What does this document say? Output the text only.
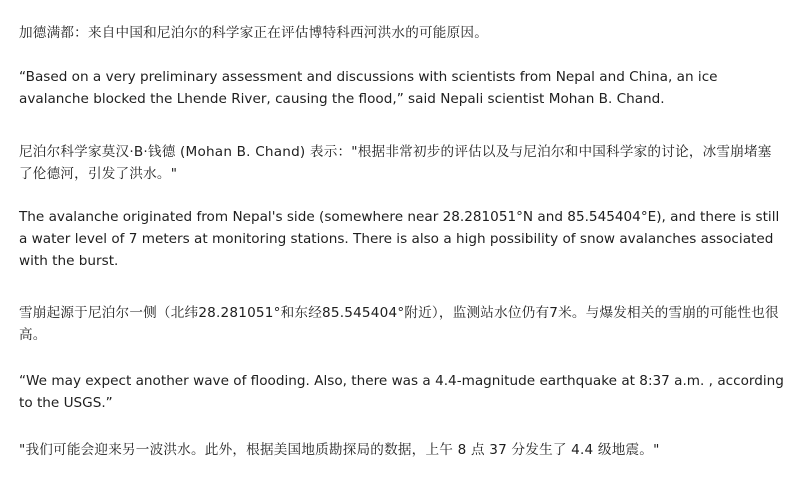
加德满都：来自中国和尼泊尔的科学家正在评估博特科西河洪水的可能原因。

“Based on a very preliminary assessment and discussions with scientists from Nepal and China, an ice avalanche blocked the Lhende River, causing the flood,” said Nepali scientist Mohan B. Chand.

尼泊尔科学家莫汉·B·钱德 (Mohan B. Chand) 表示："根据非常初步的评估以及与尼泊尔和中国科学家的讨论，冰雪崩堵塞了伦德河，引发了洪水。"

The avalanche originated from Nepal's side (somewhere near 28.281051°N and 85.545404°E), and there is still a water level of 7 meters at monitoring stations. There is also a high possibility of snow avalanches associated with the burst.

雪崩起源于尼泊尔一侧（北纬28.281051°和东经85.545404°附近），监测站水位仍有7米。与爆发相关的雪崩的可能性也很高。

“We may expect another wave of flooding. Also, there was a 4.4-magnitude earthquake at 8:37 a.m. , according to the USGS.”

"我们可能会迎来另一波洪水。此外，根据美国地质勘探局的数据，上午 8 点 37 分发生了 4.4 级地震。"
